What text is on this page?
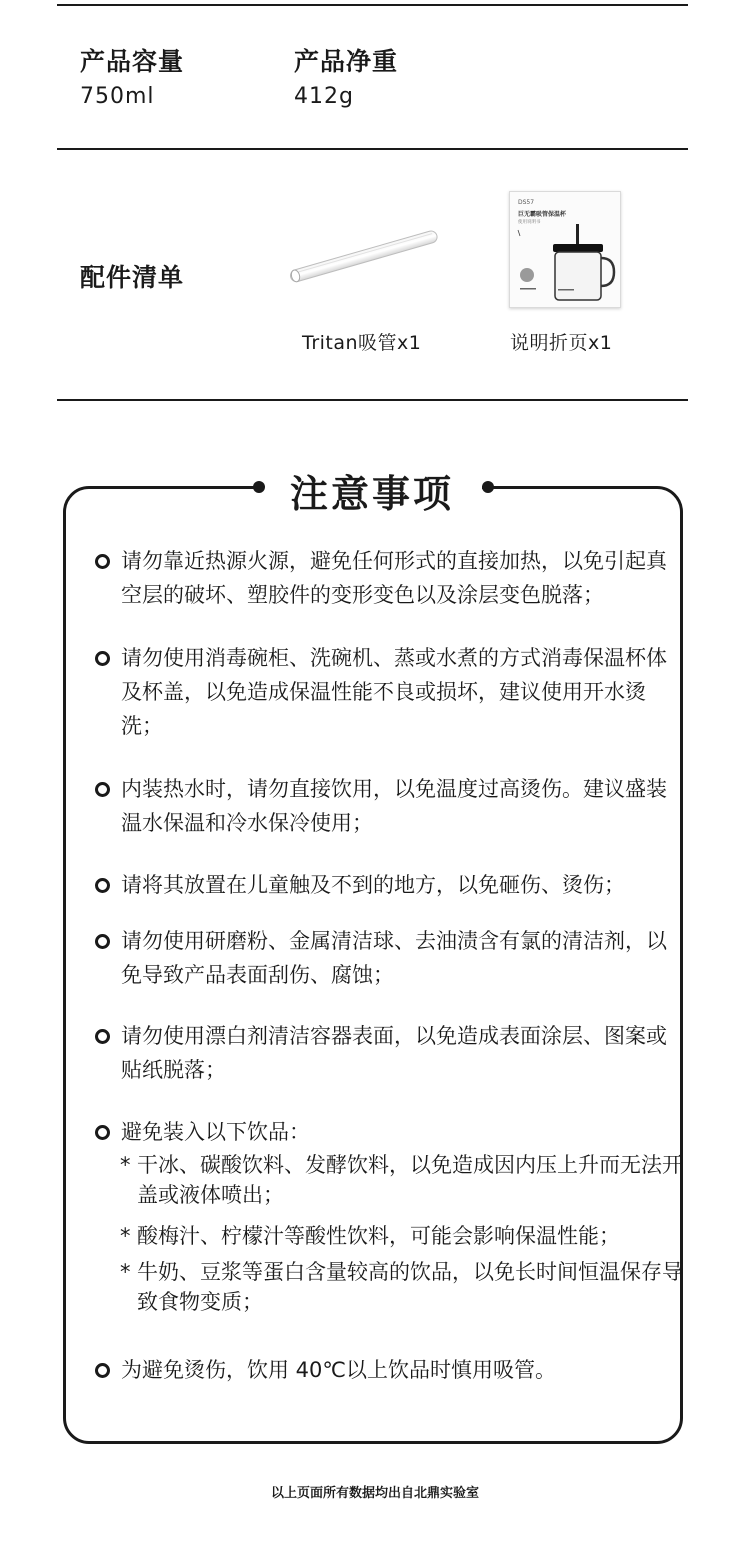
产品容量
750ml
产品净重
412g
配件清单
DS57
巨无霸吸管保温杯
使用说明书
Tritan吸管x1	说明折页x1
注意事项
请勿靠近热源火源，避免任何形式的直接加热，以免引起真空层的破坏、塑胶件的变形变色以及涂层变色脱落；
请勿使用消毒碗柜、洗碗机、蒸或水煮的方式消毒保温杯体及杯盖，以免造成保温性能不良或损坏，建议使用开水烫洗；
内装热水时，请勿直接饮用，以免温度过高烫伤。建议盛装温水保温和冷水保冷使用；
请将其放置在儿童触及不到的地方，以免砸伤、烫伤；
请勿使用研磨粉、金属清洁球、去油渍含有氯的清洁剂，以免导致产品表面刮伤、腐蚀；
请勿使用漂白剂清洁容器表面，以免造成表面涂层、图案或贴纸脱落；
避免装入以下饮品：
* 干冰、碳酸饮料、发酵饮料，以免造成因内压上升而无法开盖或液体喷出；
* 酸梅汁、柠檬汁等酸性饮料，可能会影响保温性能；
* 牛奶、豆浆等蛋白含量较高的饮品，以免长时间恒温保存导致食物变质；
为避免烫伤，饮用 40℃以上饮品时慎用吸管。
以上页面所有数据均出自北鼎实验室
